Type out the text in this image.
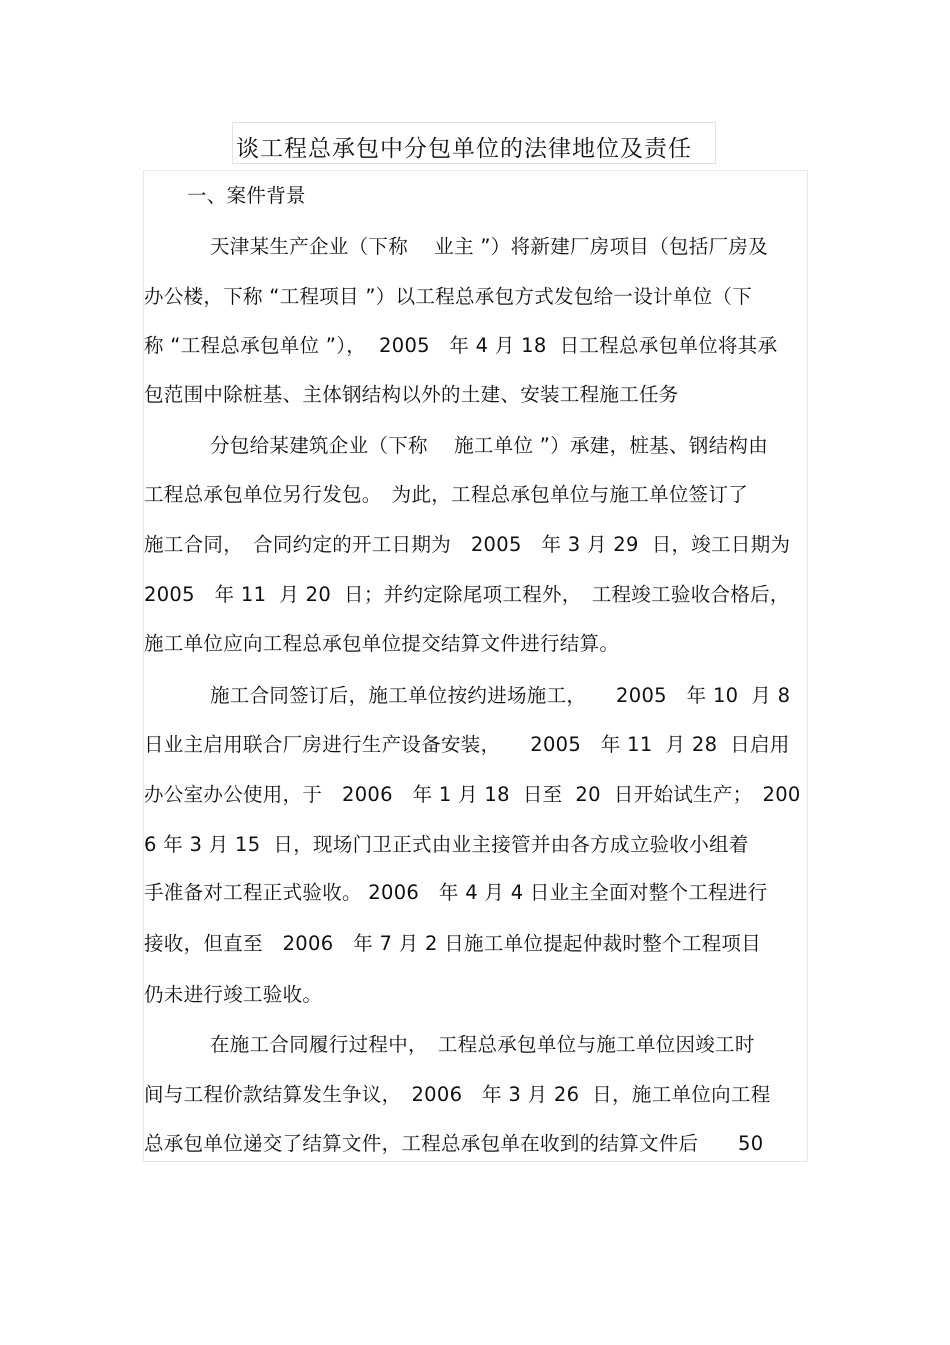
谈工程总承包中分包单位的法律地位及责任
一、案件背景
天津某生产企业（下称　 业主 ”）将新建厂房项目（包括厂房及
办公楼，下称 “工程项目 ”）以工程总承包方式发包给一设计单位（下
称 “工程总承包单位 ”），  2005   年 4 月 18  日工程总承包单位将其承
包范围中除桩基、主体钢结构以外的土建、安装工程施工任务
分包给某建筑企业（下称　 施工单位 ”）承建，桩基、钢结构由
工程总承包单位另行发包。　为此，工程总承包单位与施工单位签订了
施工合同，　合同约定的开工日期为　2005　年 3 月 29  日，竣工日期为
2005　年 11  月 20  日；并约定除尾项工程外，　工程竣工验收合格后，
施工单位应向工程总承包单位提交结算文件进行结算。
施工合同签订后，施工单位按约进场施工，　　2005　年 10  月 8
日业主启用联合厂房进行生产设备安装，　　2005　年 11  月 28  日启用
办公室办公使用，于　2006　年 1 月 18  日至  20  日开始试生产；　200
6 年 3 月 15  日，现场门卫正式由业主接管并由各方成立验收小组着
手准备对工程正式验收。 2006　年 4 月 4 日业主全面对整个工程进行
接收，但直至　2006　年 7 月 2 日施工单位提起仲裁时整个工程项目
仍未进行竣工验收。
在施工合同履行过程中，　工程总承包单位与施工单位因竣工时
间与工程价款结算发生争议，　2006　年 3 月 26  日，施工单位向工程
总承包单位递交了结算文件，工程总承包单在收到的结算文件后　　50
